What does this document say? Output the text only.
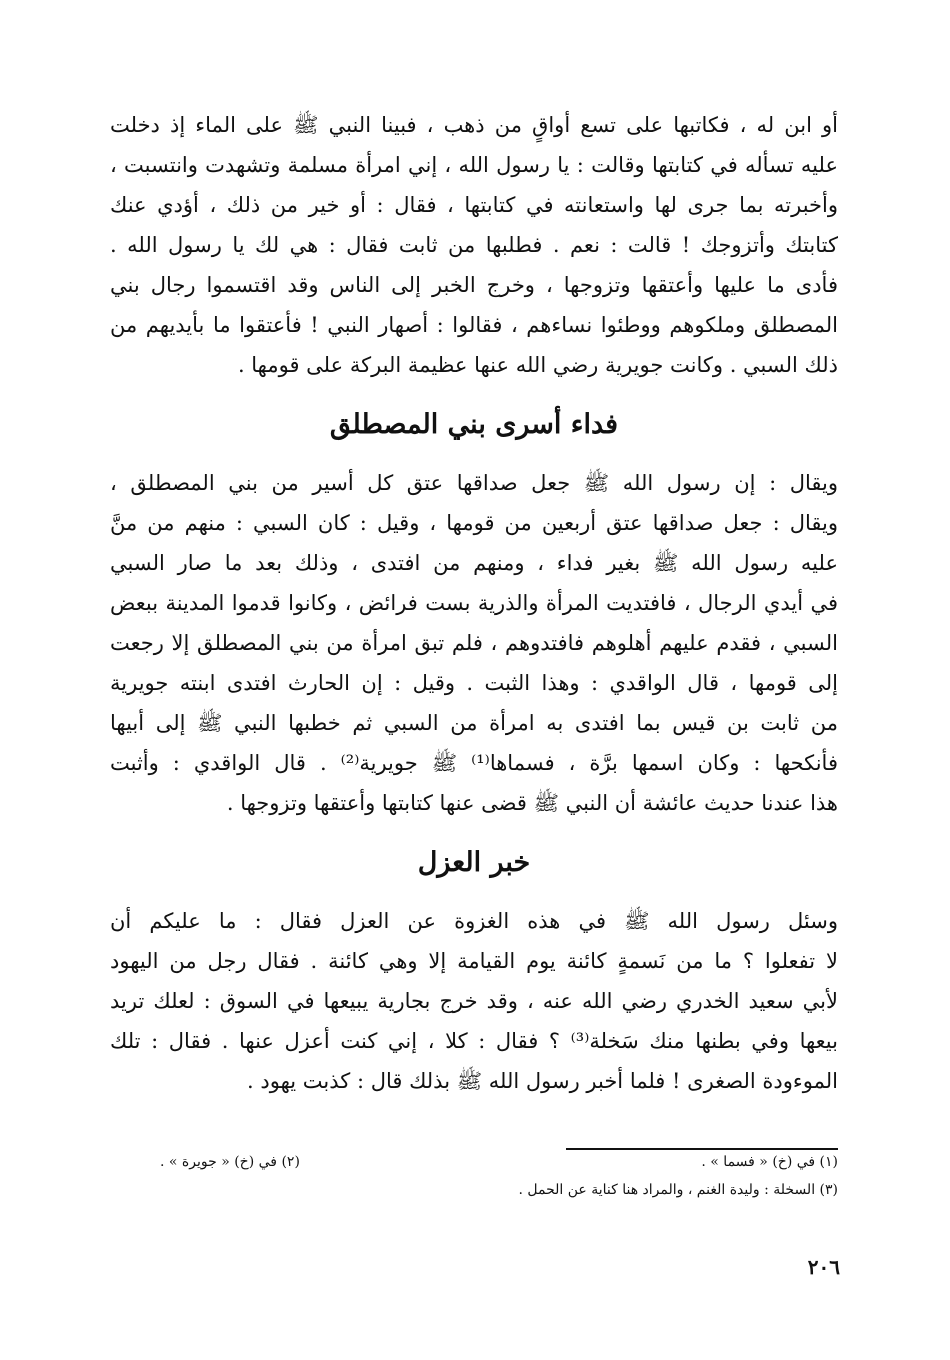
أو ابن له ، فكاتبها على تسع أواقٍ من ذهب ، فبينا النبي ﷺ على الماء إذ دخلت
عليه تسأله في كتابتها وقالت : يا رسول الله ، إني امرأة مسلمة وتشهدت وانتسبت ،
وأخبرته بما جرى لها واستعانته في كتابتها ، فقال : أو خير من ذلك ، أؤدي عنك
كتابتك وأتزوجك ! قالت : نعم . فطلبها من ثابت فقال : هي لك يا رسول الله .
فأدى ما عليها وأعتقها وتزوجها ، وخرج الخبر إلى الناس وقد اقتسموا رجال بني
المصطلق وملكوهم ووطئوا نساءهم ، فقالوا : أصهار النبي ! فأعتقوا ما بأيديهم من
ذلك السبي . وكانت جويرية رضي الله عنها عظيمة البركة على قومها .
فداء أسرى بني المصطلق
ويقال : إن رسول الله ﷺ جعل صداقها عتق كل أسير من بني المصطلق ،
ويقال : جعل صداقها عتق أربعين من قومها ، وقيل : كان السبي : منهم من منَّ
عليه رسول الله ﷺ بغير فداء ، ومنهم من افتدى ، وذلك بعد ما صار السبي
في أيدي الرجال ، فافتديت المرأة والذرية بست فرائض ، وكانوا قدموا المدينة ببعض
السبي ، فقدم عليهم أهلوهم فافتدوهم ، فلم تبق امرأة من بني المصطلق إلا رجعت
إلى قومها ، قال الواقدي : وهذا الثبت . وقيل : إن الحارث افتدى ابنته جويرية
من ثابت بن قيس بما افتدى به امرأة من السبي ثم خطبها النبي ﷺ إلى أبيها
فأنكحها : وكان اسمها برَّة ، فسماها⁽¹⁾ ﷺ جويرية⁽²⁾ . قال الواقدي : وأثبت
هذا عندنا حديث عائشة أن النبي ﷺ قضى عنها كتابتها وأعتقها وتزوجها .
خبر العزل
وسئل رسول الله ﷺ في هذه الغزوة عن العزل فقال : ما عليكم أن
لا تفعلوا ؟ ما من نَسمةٍ كائنة يوم القيامة إلا وهي كائنة . فقال رجل من اليهود
لأبي سعيد الخدري رضي الله عنه ، وقد خرج بجارية يبيعها في السوق : لعلك تريد
بيعها وفي بطنها منك سَخلة⁽³⁾ ؟ فقال : كلا ، إني كنت أعزل عنها . فقال : تلك
الموءودة الصغرى ! فلما أخبر رسول الله ﷺ بذلك قال : كذبت يهود .
(١) في (خ) « فسما » .
(٢) في (خ) « جويرة » .
(٣) السخلة : وليدة الغنم ، والمراد هنا كناية عن الحمل .
٢٠٦
